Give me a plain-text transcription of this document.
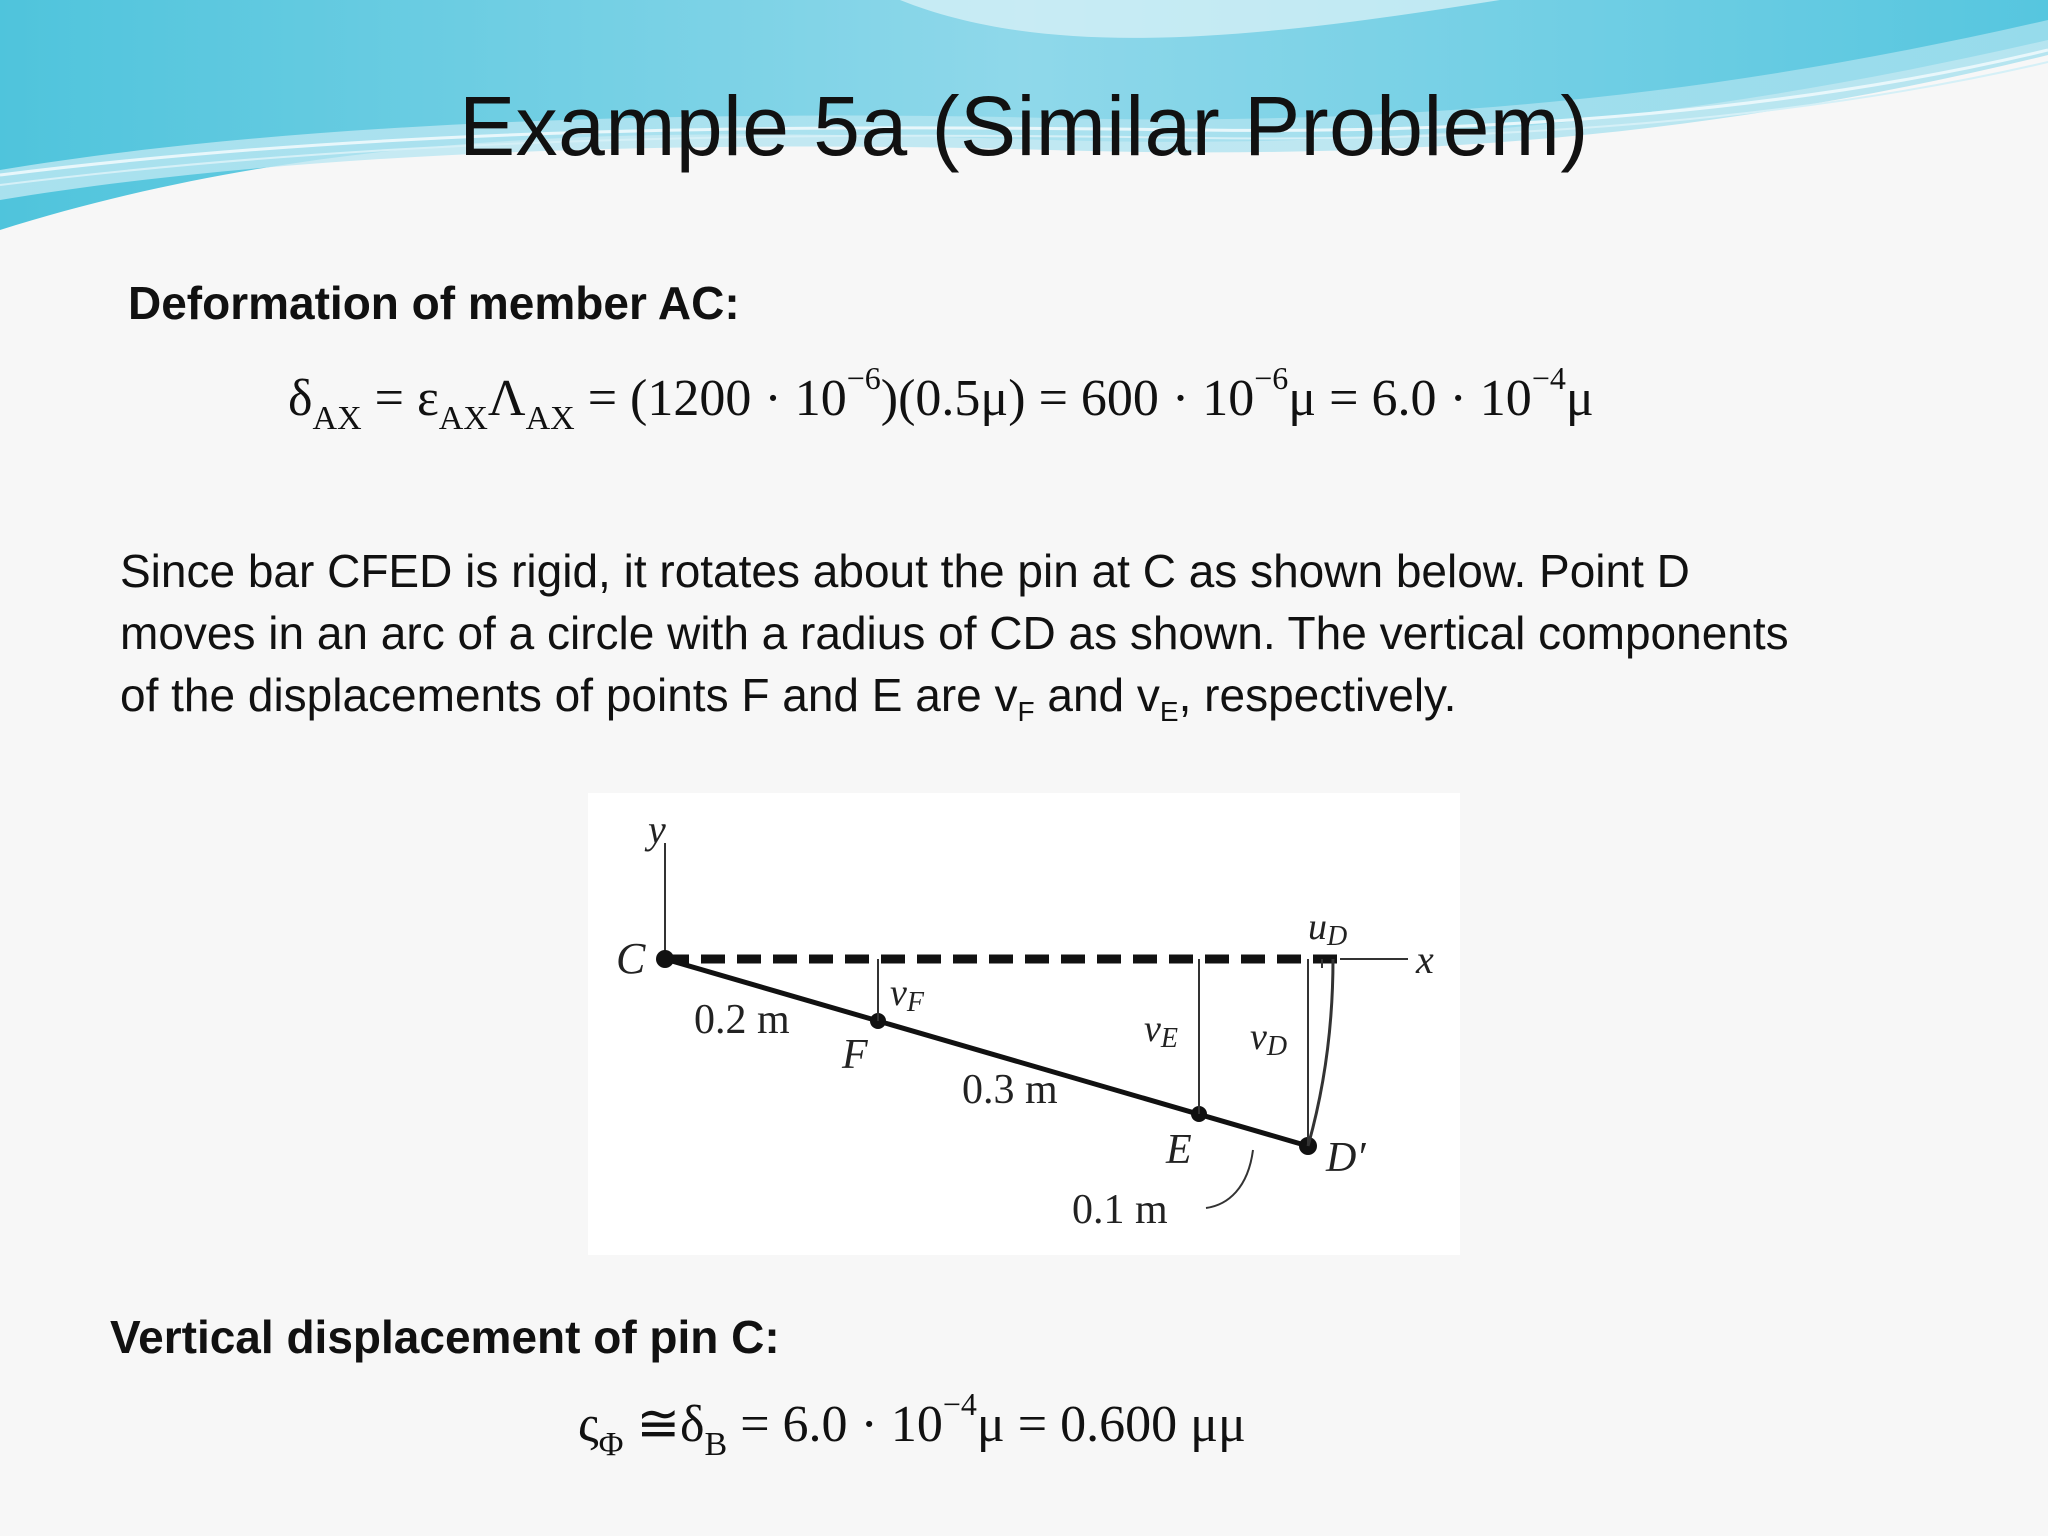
Example 5a (Similar Problem)
Deformation of member AC:
$\delta_{AX} = \varepsilon_{AX}\Lambda_{AX} = (1200 \cdot 10^{-6})(0.5\mu) = 600 \cdot 10^{-6}\mu = 6.0 \cdot 10^{-4}\mu$
Since bar CFED is rigid, it rotates about the pin at C as shown below. Point D moves in an arc of a circle with a radius of CD as shown. The vertical components of the displacements of points F and E are $v_F$ and $v_E$, respectively.
y
x
C
F
E	D′
vF
vE vD
uD
0.2 m
0.3 m
0.1 m
Vertical displacement of pin C:
$\varsigma_\Phi$ $≅\delta_B = 6.0 \cdot 10^{-4}\mu = 0.600$ μμ
